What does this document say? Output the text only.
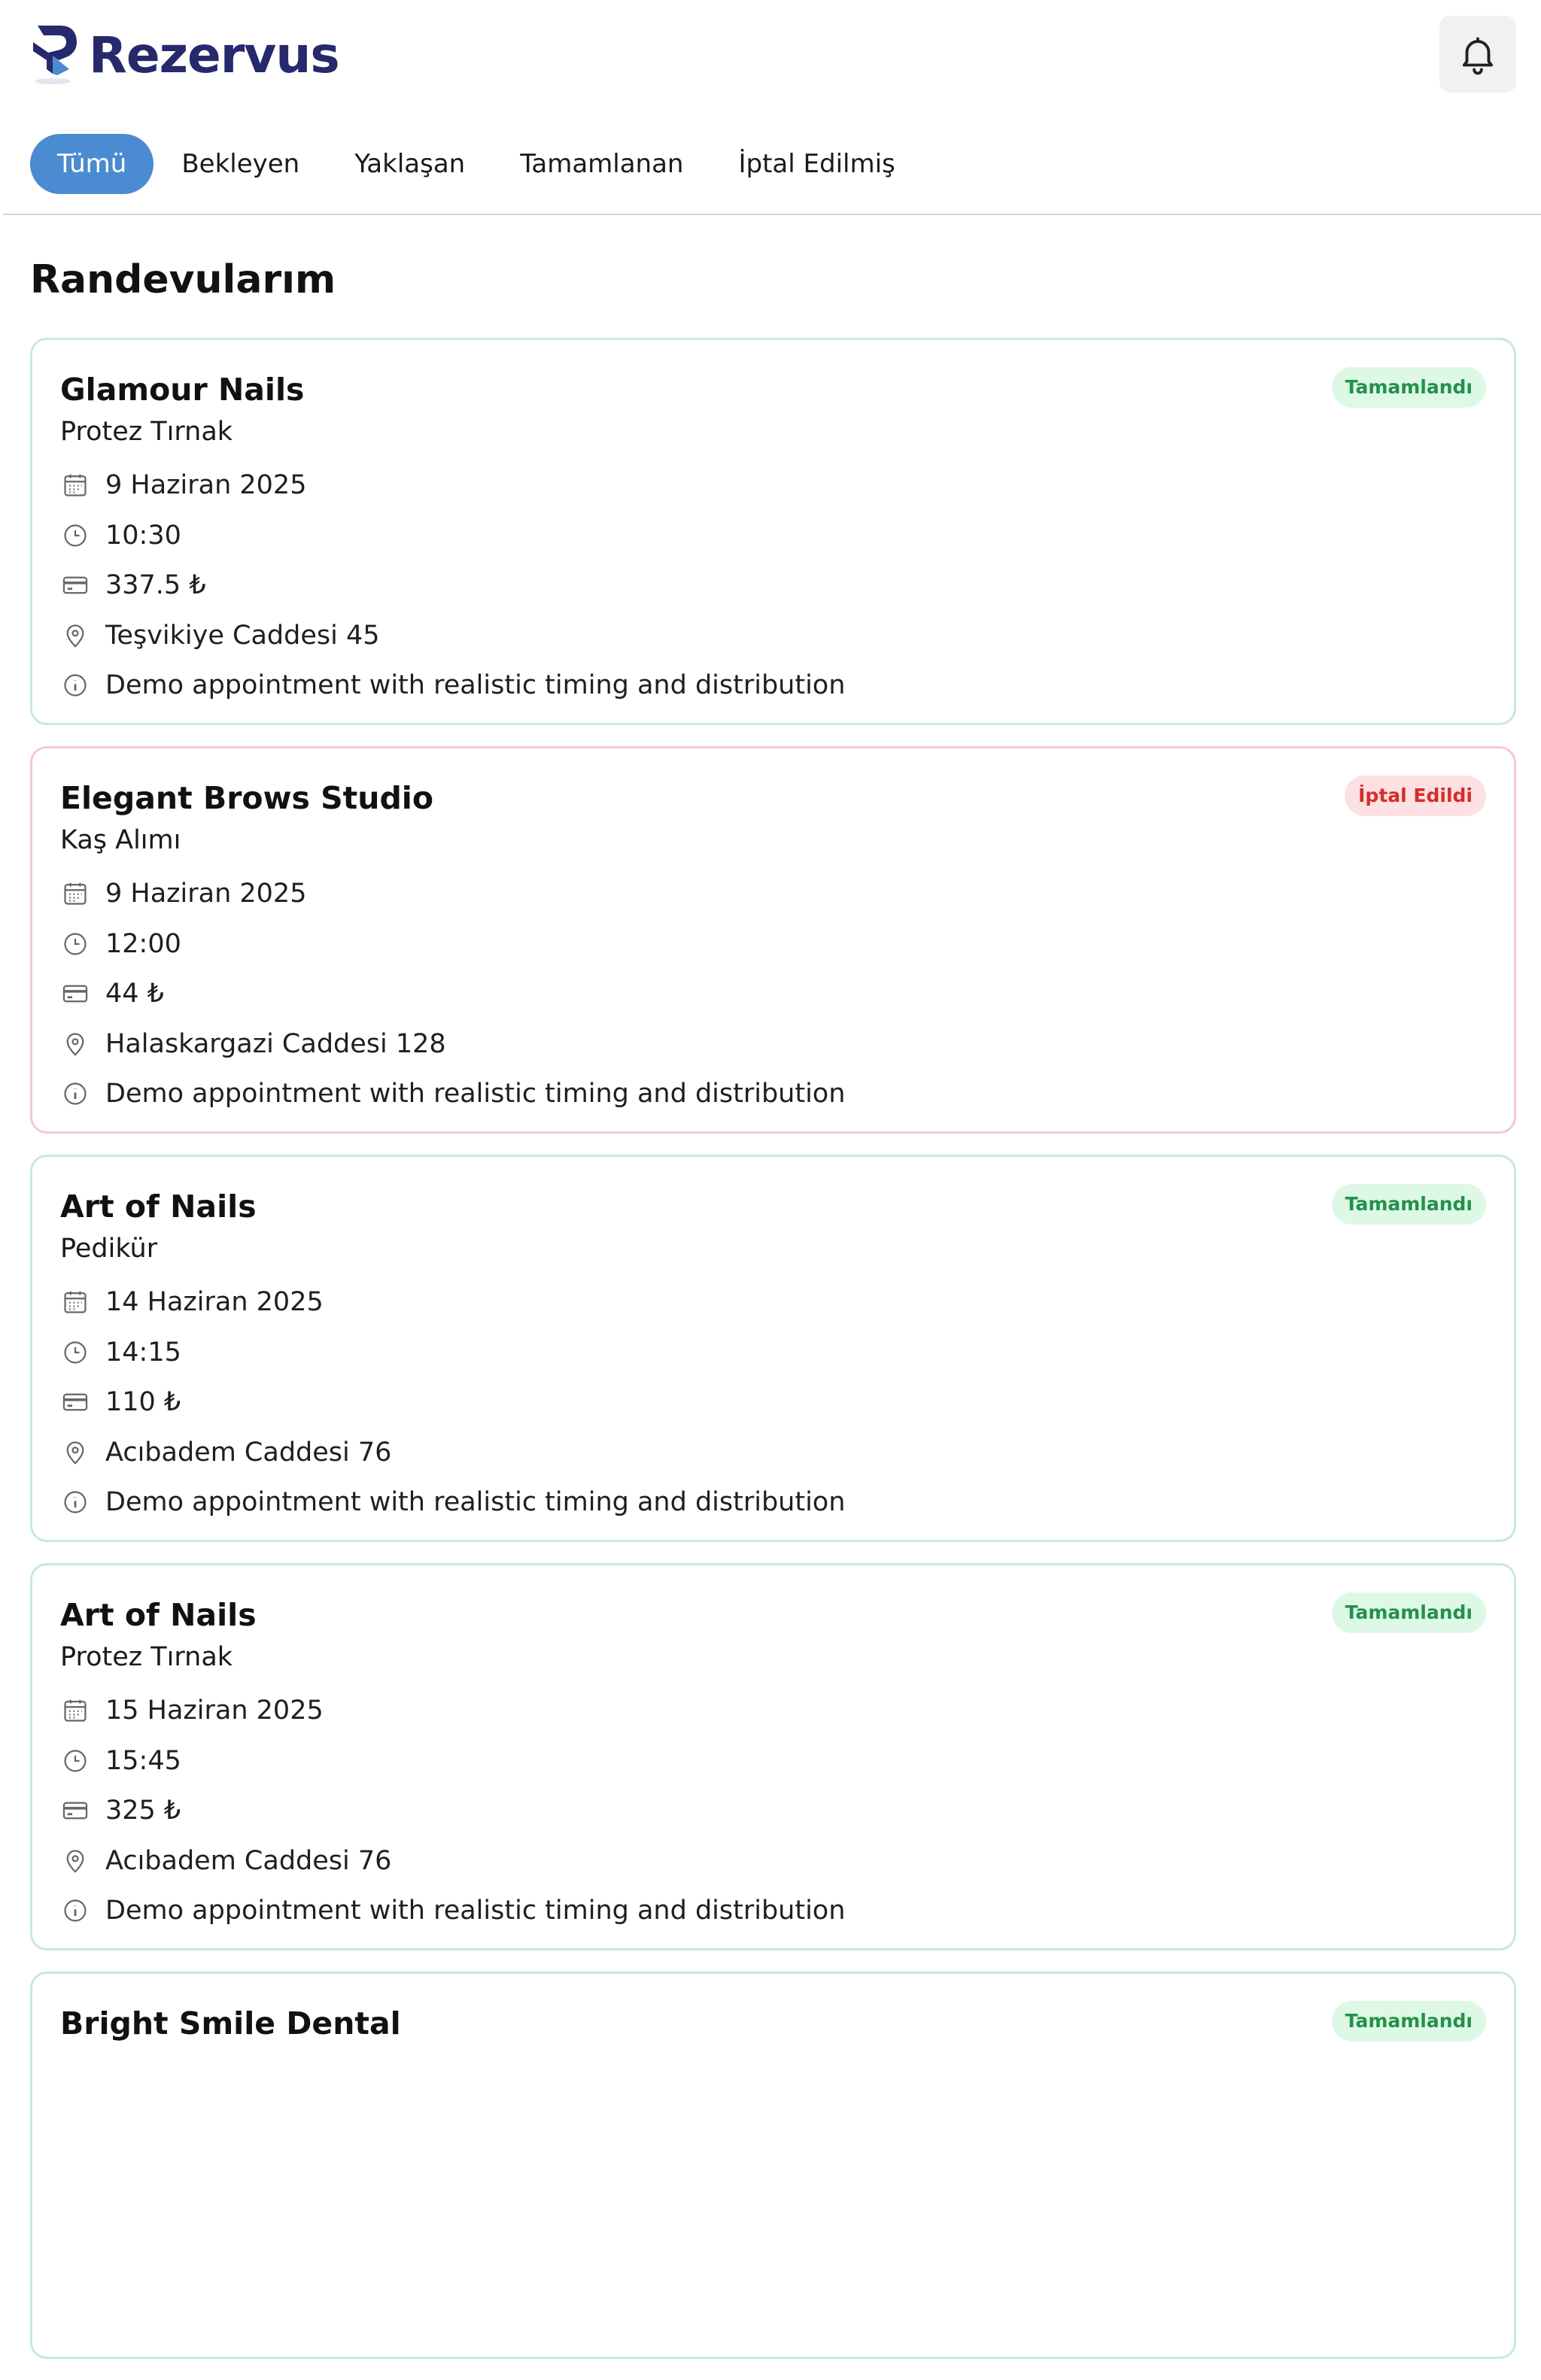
Rezervus
Tümü	Bekleyen	Yaklaşan	Tamamlanan	İptal Edilmiş
Randevularım
Glamour Nails
Protez Tırnak
Tamamlandı
9 Haziran 2025
10:30
337.5 ₺
Teşvikiye Caddesi 45
Demo appointment with realistic timing and distribution
Elegant Brows Studio
Kaş Alımı
İptal Edildi
9 Haziran 2025
12:00
44 ₺
Halaskargazi Caddesi 128
Demo appointment with realistic timing and distribution
Art of Nails
Pedikür
Tamamlandı
14 Haziran 2025
14:15
110 ₺
Acıbadem Caddesi 76
Demo appointment with realistic timing and distribution
Art of Nails
Protez Tırnak
Tamamlandı
15 Haziran 2025
15:45
325 ₺
Acıbadem Caddesi 76
Demo appointment with realistic timing and distribution
Bright Smile Dental	Tamamlandı
